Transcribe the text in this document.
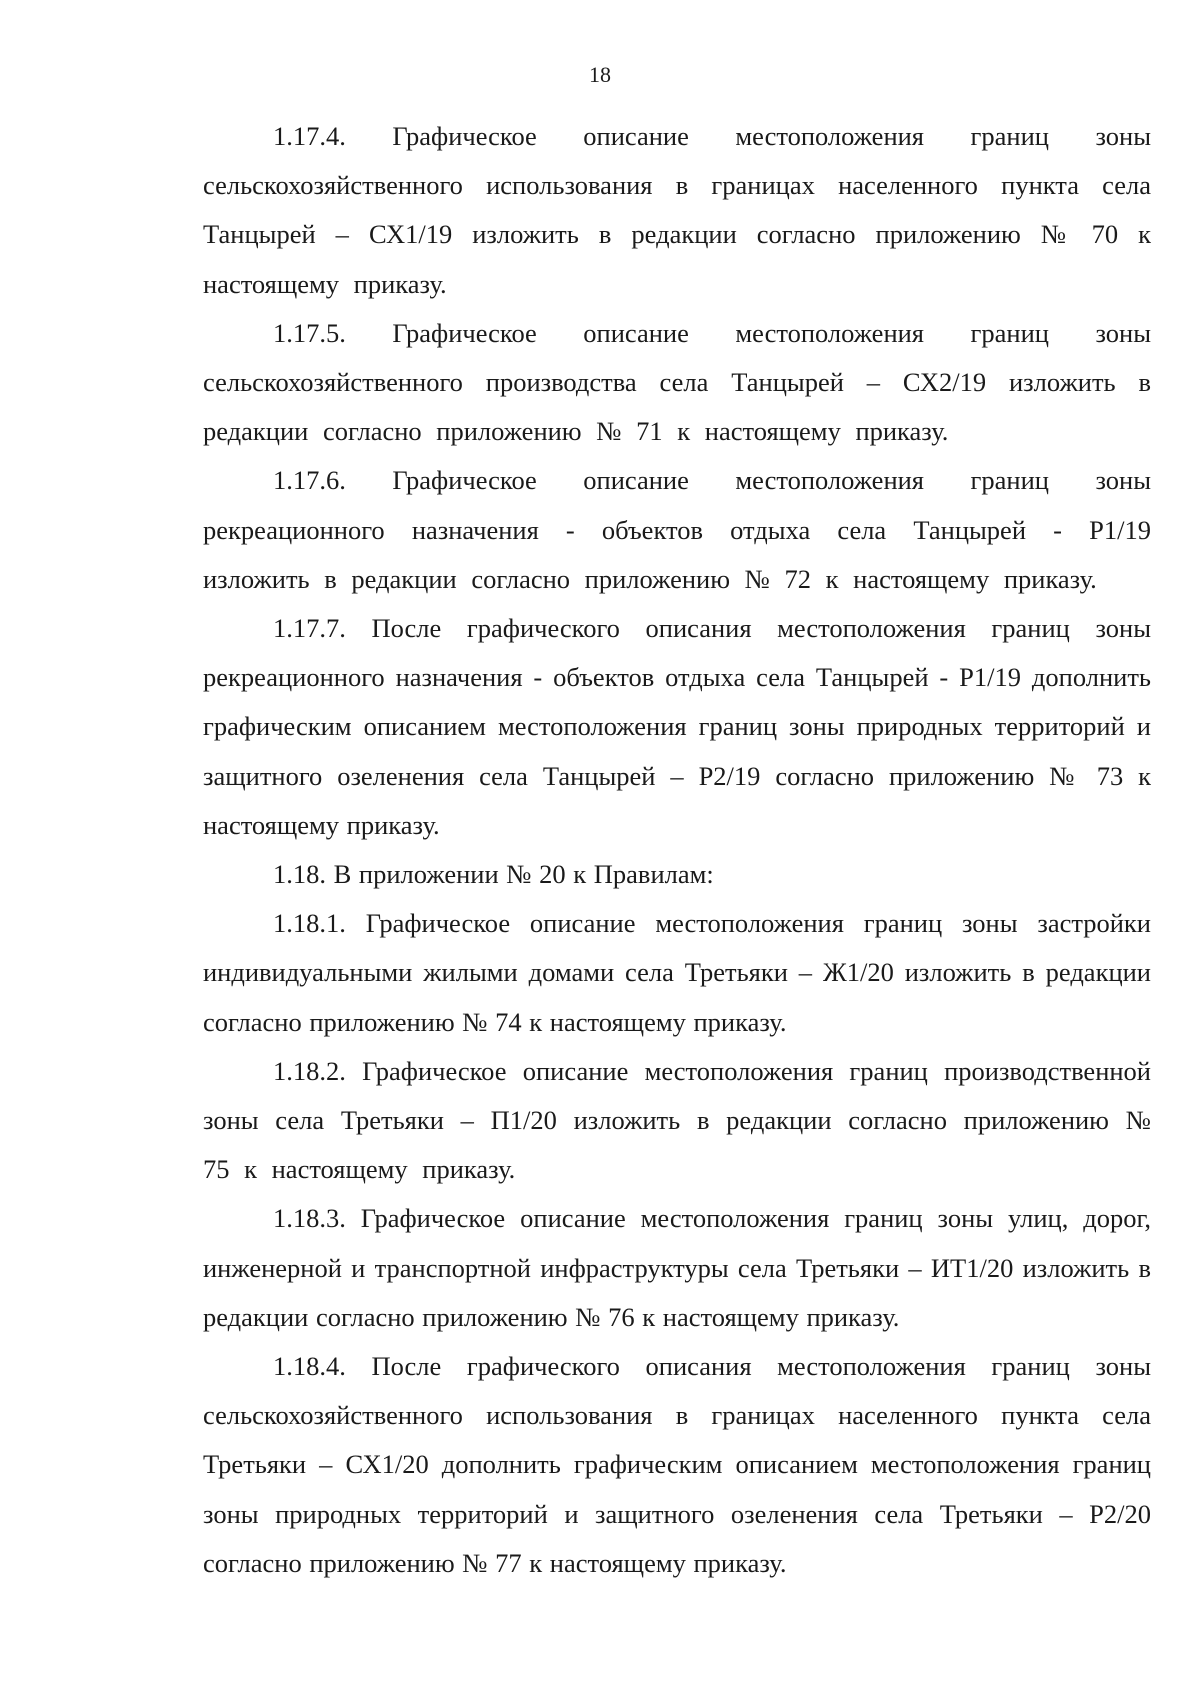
18

1.17.4. Графическое описание местоположения границ зоны сельскохозяйственного использования в границах населенного пункта села Танцырей – СХ1/19 изложить в редакции согласно приложению № 70 к настоящему приказу.

1.17.5. Графическое описание местоположения границ зоны сельскохозяйственного производства села Танцырей – СХ2/19 изложить в редакции согласно приложению № 71 к настоящему приказу.

1.17.6. Графическое описание местоположения границ зоны рекреационного назначения - объектов отдыха села Танцырей - Р1/19 изложить в редакции согласно приложению № 72 к настоящему приказу.

1.17.7. После графического описания местоположения границ зоны рекреационного назначения - объектов отдыха села Танцырей - Р1/19 дополнить графическим описанием местоположения границ зоны природных территорий и защитного озеленения села Танцырей – Р2/19 согласно приложению № 73 к настоящему приказу.

1.18. В приложении № 20 к Правилам:

1.18.1. Графическое описание местоположения границ зоны застройки индивидуальными жилыми домами села Третьяки – Ж1/20 изложить в редакции согласно приложению № 74 к настоящему приказу.

1.18.2. Графическое описание местоположения границ производственной зоны села Третьяки – П1/20 изложить в редакции согласно приложению № 75 к настоящему приказу.

1.18.3. Графическое описание местоположения границ зоны улиц, дорог, инженерной и транспортной инфраструктуры села Третьяки – ИТ1/20 изложить в редакции согласно приложению № 76 к настоящему приказу.

1.18.4. После графического описания местоположения границ зоны сельскохозяйственного использования в границах населенного пункта села Третьяки – СХ1/20 дополнить графическим описанием местоположения границ зоны природных территорий и защитного озеленения села Третьяки – Р2/20 согласно приложению № 77 к настоящему приказу.
